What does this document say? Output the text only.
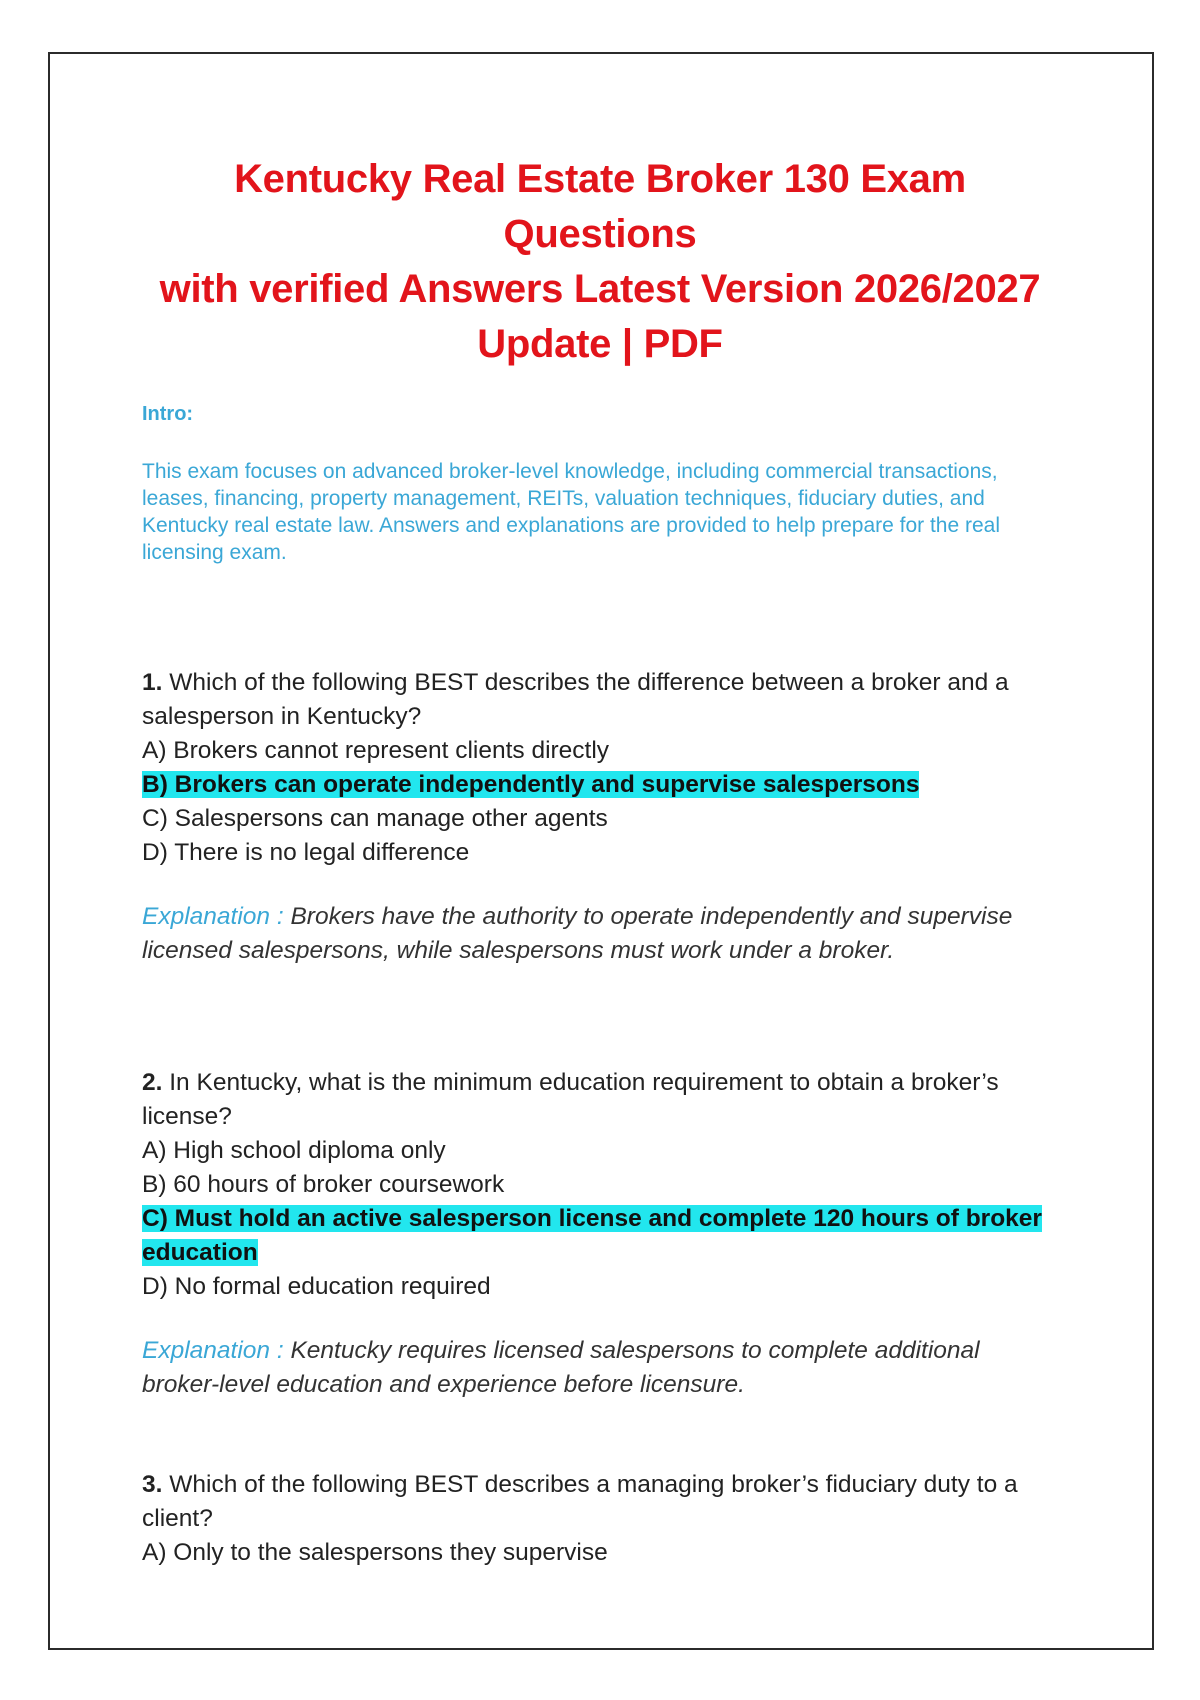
Kentucky Real Estate Broker 130 Exam Questions
with verified Answers Latest Version 2026/2027
Update | PDF
Intro:
This exam focuses on advanced broker-level knowledge, including commercial transactions, leases, financing, property management, REITs, valuation techniques, fiduciary duties, and Kentucky real estate law. Answers and explanations are provided to help prepare for the real licensing exam.
1. Which of the following BEST describes the difference between a broker and a salesperson in Kentucky?
A) Brokers cannot represent clients directly
B) Brokers can operate independently and supervise salespersons
C) Salespersons can manage other agents
D) There is no legal difference
Explanation : Brokers have the authority to operate independently and supervise licensed salespersons, while salespersons must work under a broker.
2. In Kentucky, what is the minimum education requirement to obtain a broker’s license?
A) High school diploma only
B) 60 hours of broker coursework
C) Must hold an active salesperson license and complete 120 hours of broker education
D) No formal education required
Explanation : Kentucky requires licensed salespersons to complete additional broker-level education and experience before licensure.
3. Which of the following BEST describes a managing broker’s fiduciary duty to a client?
A) Only to the salespersons they supervise
